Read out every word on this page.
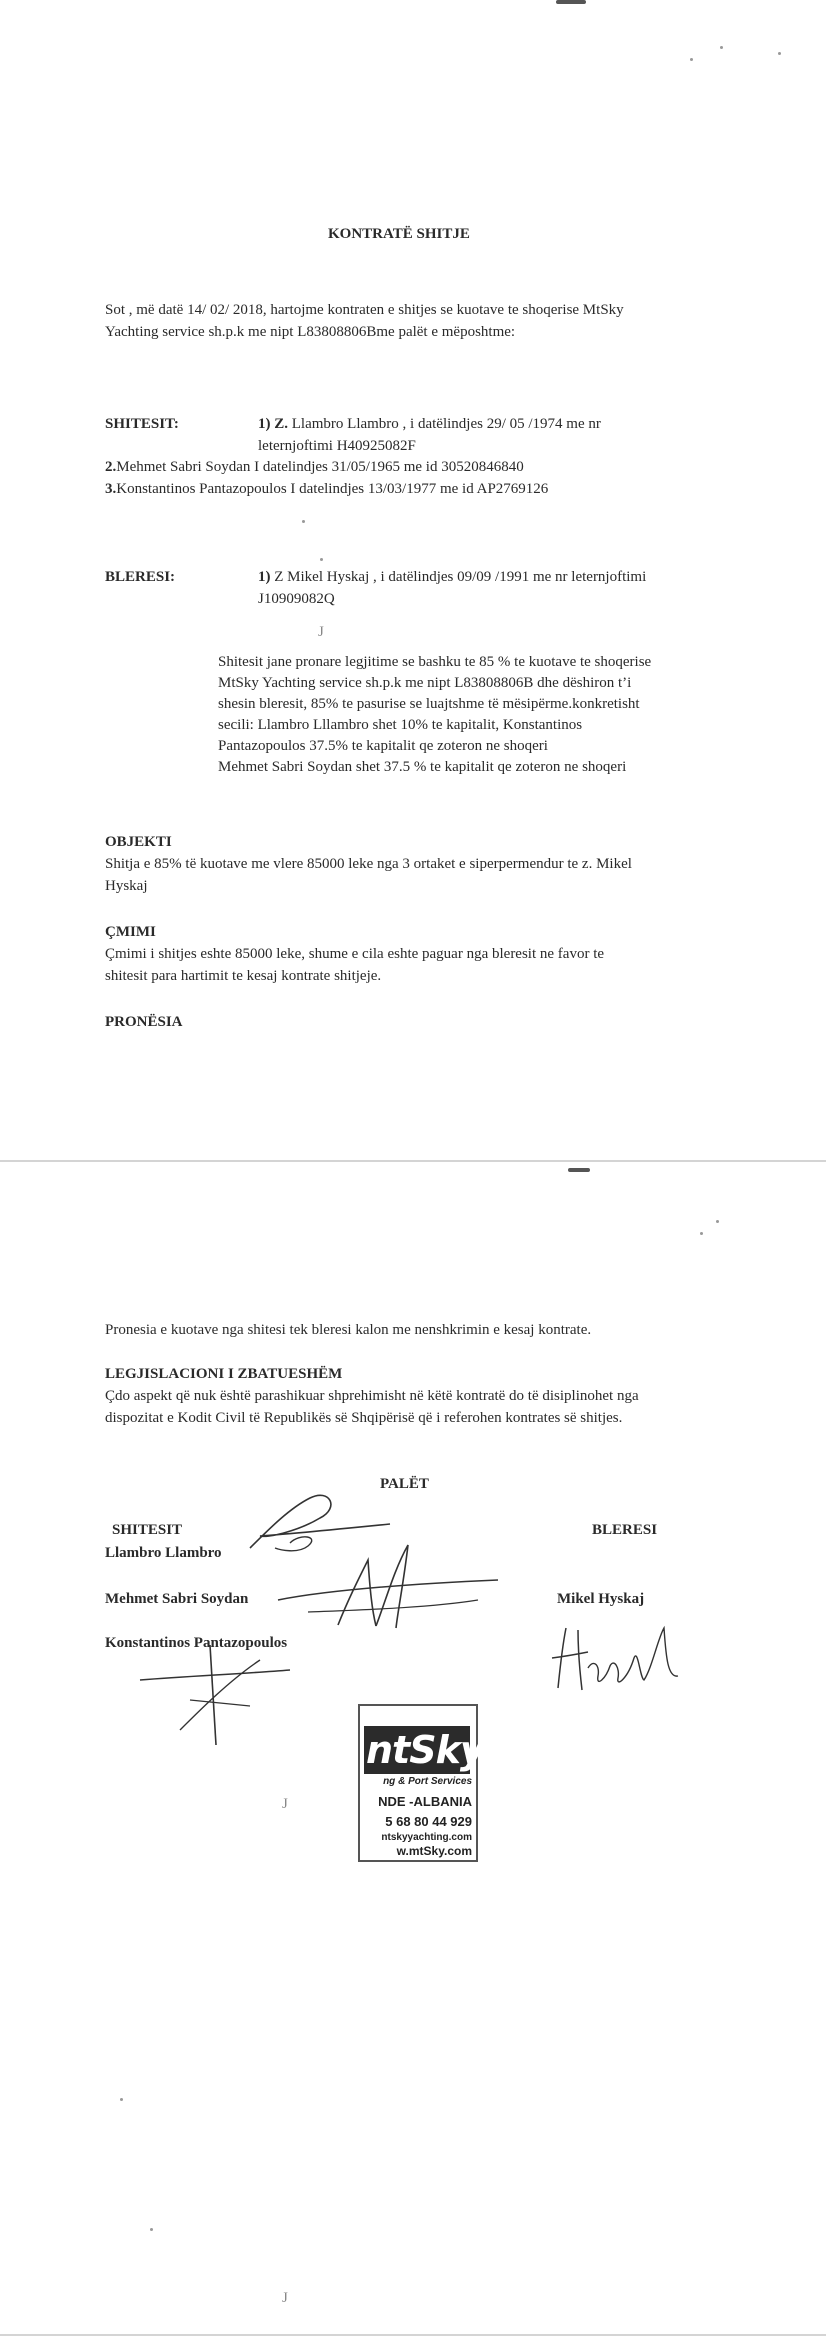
KONTRATË SHITJE
Sot , më datë 14/ 02/ 2018, hartojme kontraten e shitjes se kuotave te shoqerise MtSky
Yachting service sh.p.k me nipt L83808806Bme palët e mëposhtme:
SHITESIT:	1) Z. Llambro Llambro , i datëlindjes 29/ 05 /1974 me nr
leternjoftimi H40925082F
2.Mehmet Sabri Soydan I datelindjes 31/05/1965 me id 30520846840
3.Konstantinos Pantazopoulos I datelindjes 13/03/1977 me id AP2769126
BLERESI:	1) Z Mikel Hyskaj , i datëlindjes 09/09 /1991 me nr leternjoftimi
J10909082Q
J
Shitesit jane pronare legjitime se bashku te 85 % te kuotave te shoqerise
MtSky Yachting service sh.p.k me nipt L83808806B dhe dëshiron t’i
shesin bleresit, 85% te pasurise se luajtshme të mësipërme.konkretisht
secili: Llambro Lllambro shet 10% te kapitalit, Konstantinos
Pantazopoulos 37.5% te kapitalit qe zoteron ne shoqeri
Mehmet Sabri Soydan shet 37.5 % te kapitalit qe zoteron ne shoqeri
OBJEKTI
Shitja e 85% të kuotave me vlere 85000 leke nga 3 ortaket e siperpermendur te z. Mikel
Hyskaj
ÇMIMI
Çmimi i shitjes eshte 85000 leke, shume e cila eshte paguar nga bleresit ne favor te
shitesit para hartimit te kesaj kontrate shitjeje.
PRONËSIA
Pronesia e kuotave nga shitesi tek bleresi kalon me nenshkrimin e kesaj kontrate.
LEGJISLACIONI I ZBATUESHËM
Çdo aspekt që nuk është parashikuar shprehimisht në këtë kontratë do të disiplinohet nga
dispozitat e Kodit Civil të Republikës së Shqipërisë që i referohen kontrates së shitjes.
PALËT
SHITESIT	BLERESI
Llambro Llambro
Mehmet Sabri Soydan	Mikel Hyskaj
Konstantinos Pantazopoulos
ntSky
ng & Port Services
NDE -ALBANIA
5 68 80 44 929
ntskyyachting.com
w.mtSky.com
J
J
